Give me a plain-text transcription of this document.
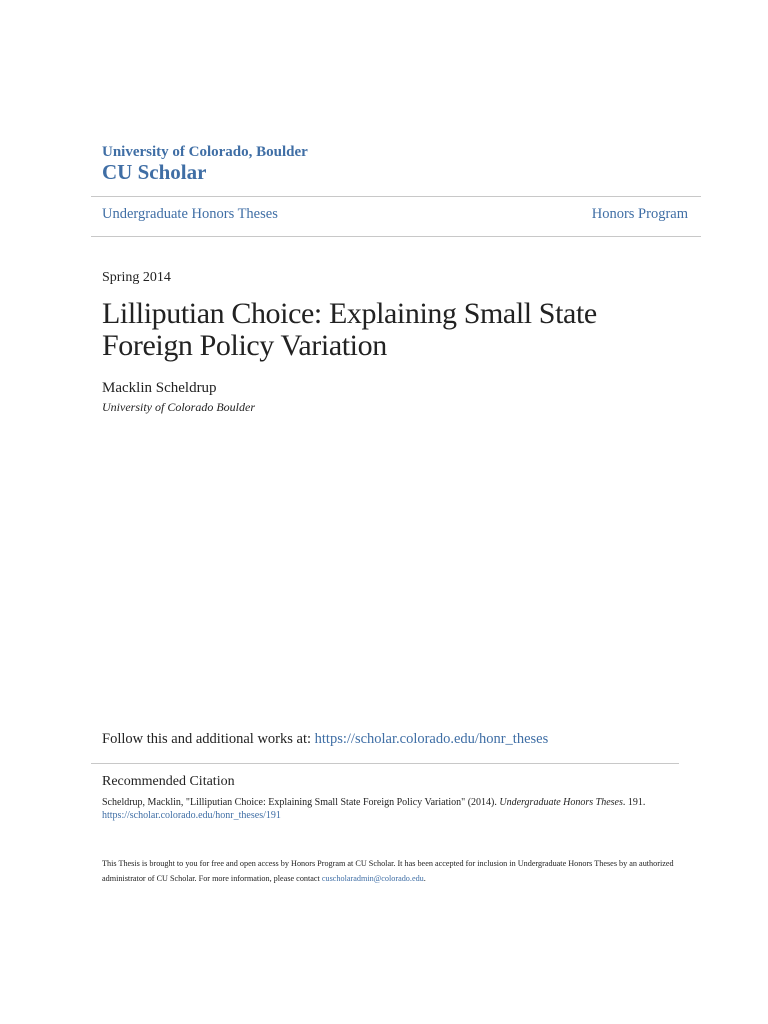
University of Colorado, Boulder
CU Scholar
Undergraduate Honors Theses	Honors Program
Spring 2014
Lilliputian Choice: Explaining Small State Foreign Policy Variation
Macklin Scheldrup
University of Colorado Boulder
Follow this and additional works at: https://scholar.colorado.edu/honr_theses
Recommended Citation
Scheldrup, Macklin, "Lilliputian Choice: Explaining Small State Foreign Policy Variation" (2014). Undergraduate Honors Theses. 191.
https://scholar.colorado.edu/honr_theses/191
This Thesis is brought to you for free and open access by Honors Program at CU Scholar. It has been accepted for inclusion in Undergraduate Honors Theses by an authorized administrator of CU Scholar. For more information, please contact cuscholaradmin@colorado.edu.
